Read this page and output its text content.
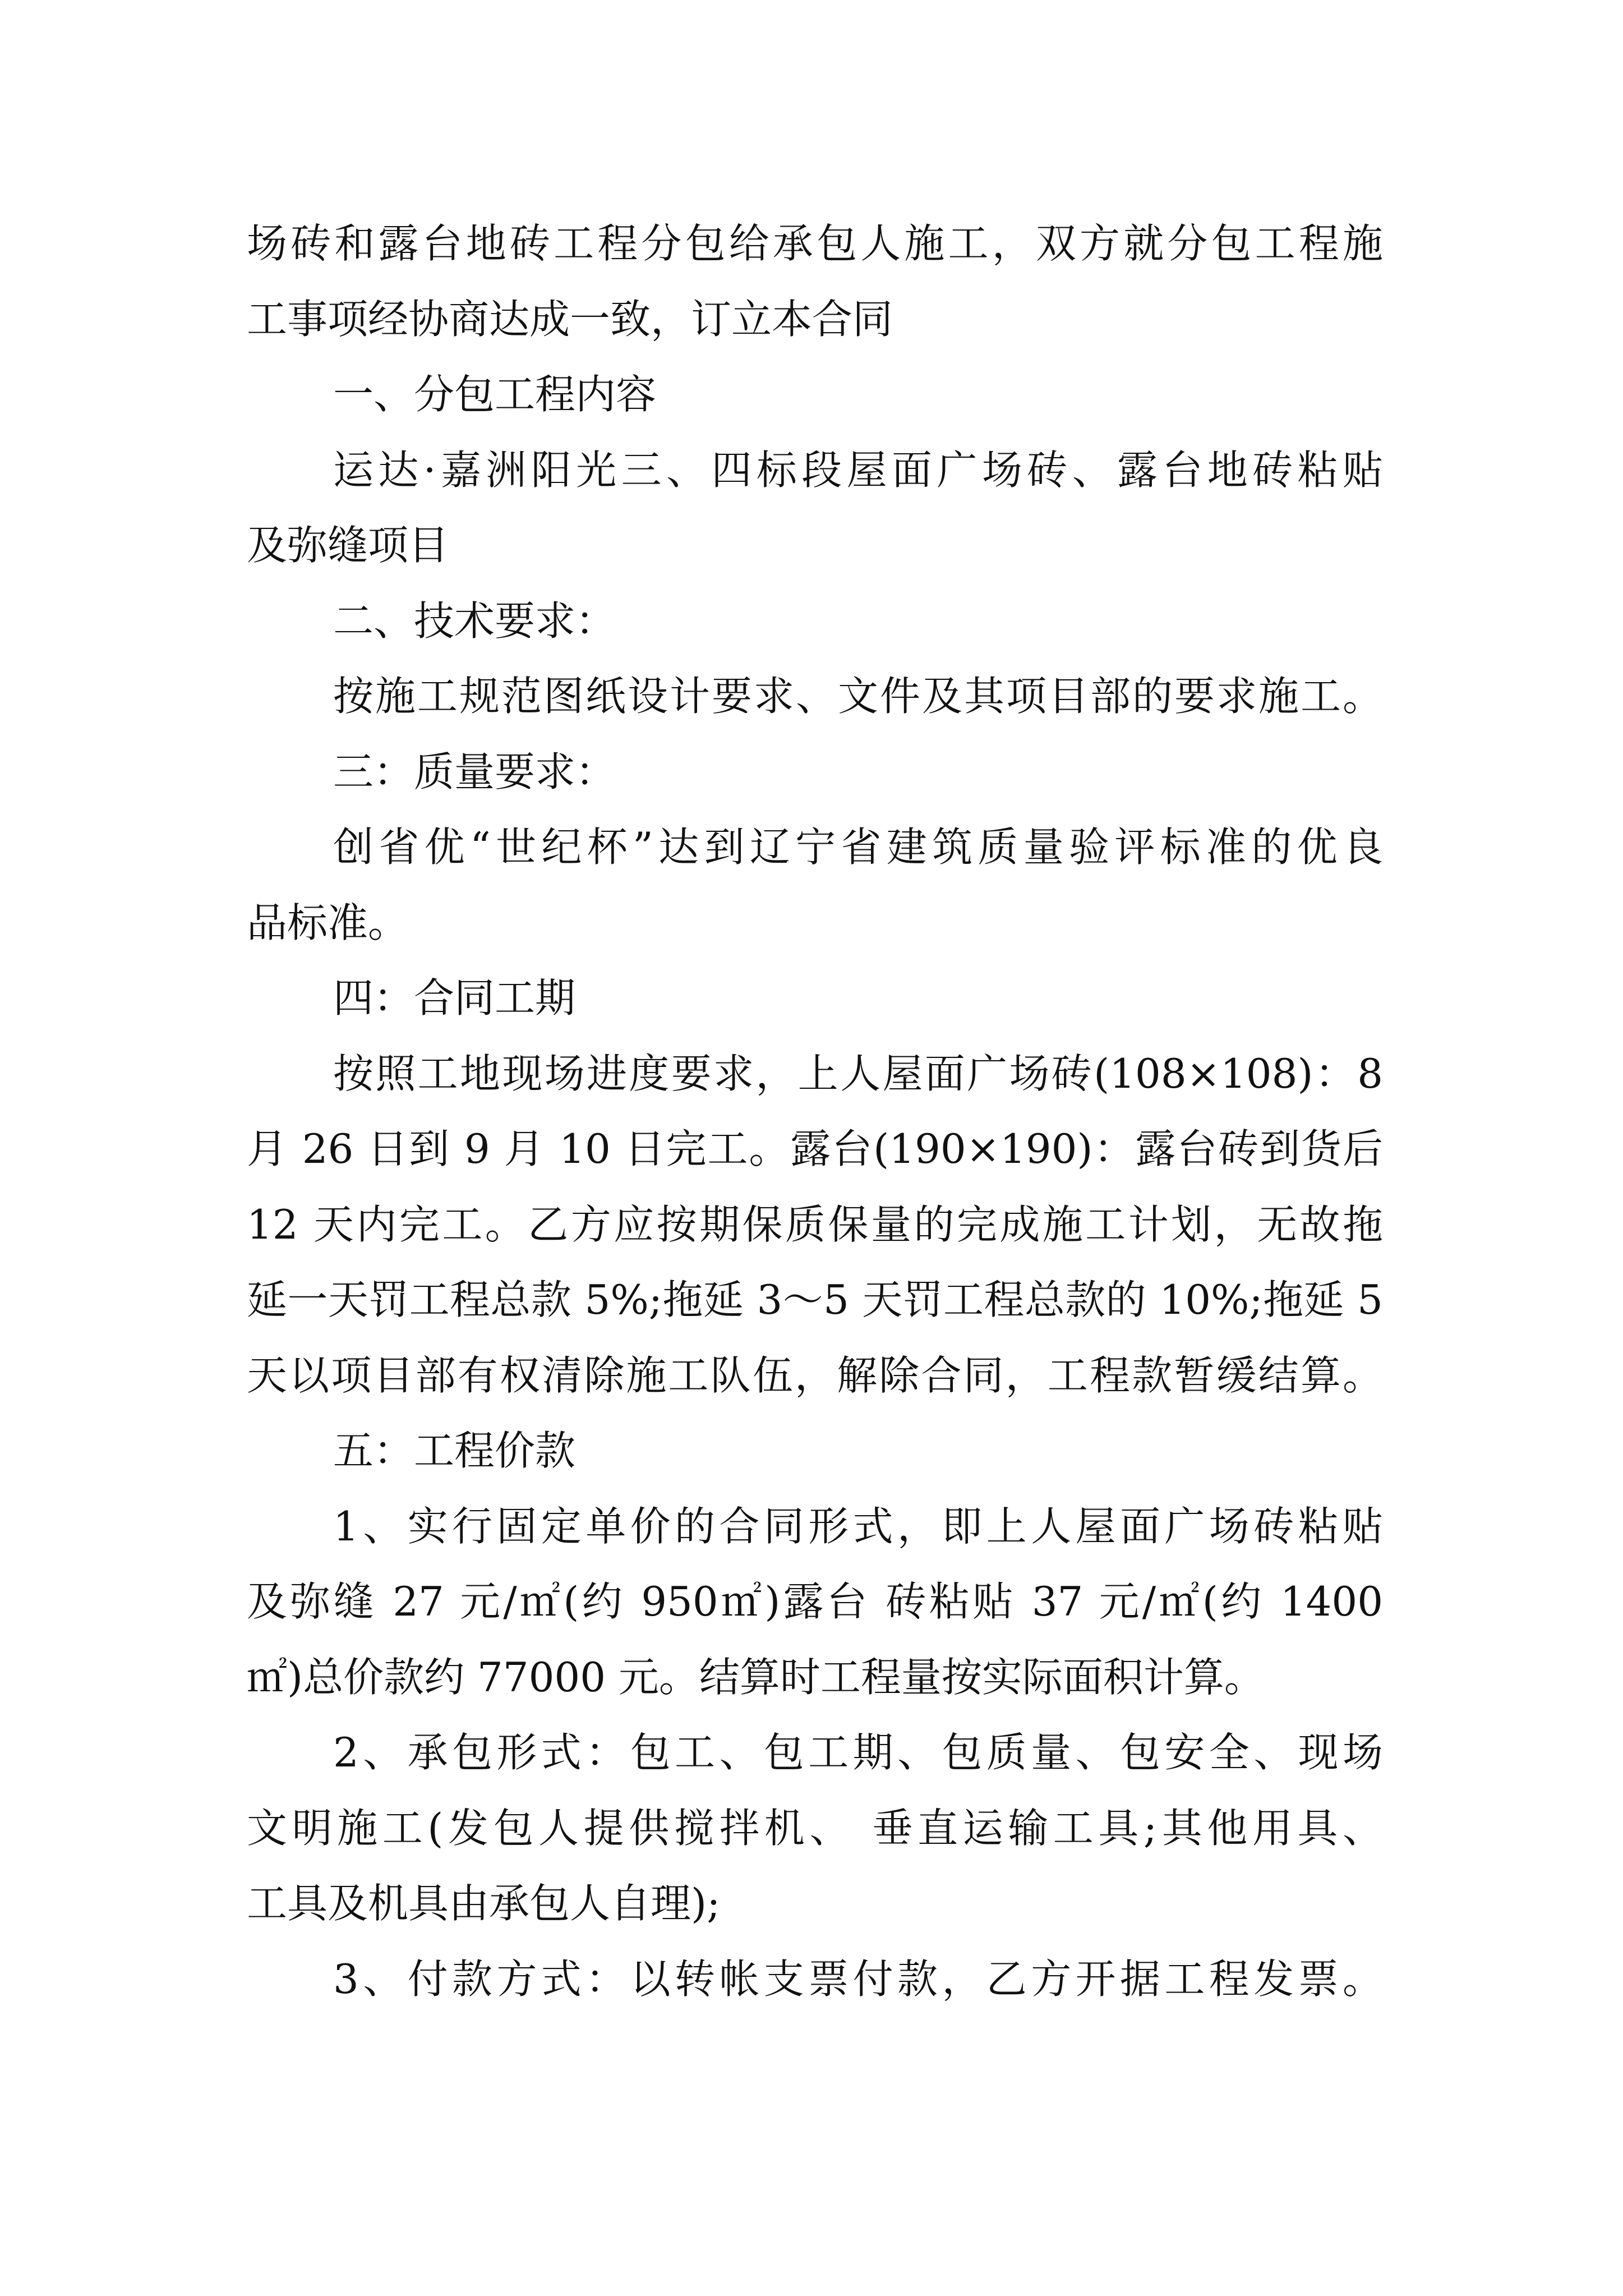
场砖和露台地砖工程分包给承包人施工，双方就分包工程施
工事项经协商达成一致，订立本合同
一、分包工程内容
运达·嘉洲阳光三、四标段屋面广场砖、露台地砖粘贴
及弥缝项目
二、技术要求：
按施工规范图纸设计要求、文件及其项目部的要求施工。
三：质量要求：
创省优“世纪杯”达到辽宁省建筑质量验评标准的优良
品标准。
四：合同工期
按照工地现场进度要求，上人屋面广场砖(108×108)：8
月 26 日到 9 月 10 日完工。露台(190×190)：露台砖到货后
12 天内完工。乙方应按期保质保量的完成施工计划，无故拖
延一天罚工程总款 5%;拖延 3～5 天罚工程总款的 10%;拖延 5
天以项目部有权清除施工队伍，解除合同，工程款暂缓结算。
五：工程价款
1、实行固定单价的合同形式，即上人屋面广场砖粘贴
及弥缝 27 元/㎡(约 950㎡)露台 砖粘贴 37 元/㎡(约 1400
㎡)总价款约 77000 元。结算时工程量按实际面积计算。
2、承包形式：包工、包工期、包质量、包安全、现场
文明施工(发包人提供搅拌机、 垂直运输工具;其他用具、
工具及机具由承包人自理);
3、付款方式：以转帐支票付款，乙方开据工程发票。
